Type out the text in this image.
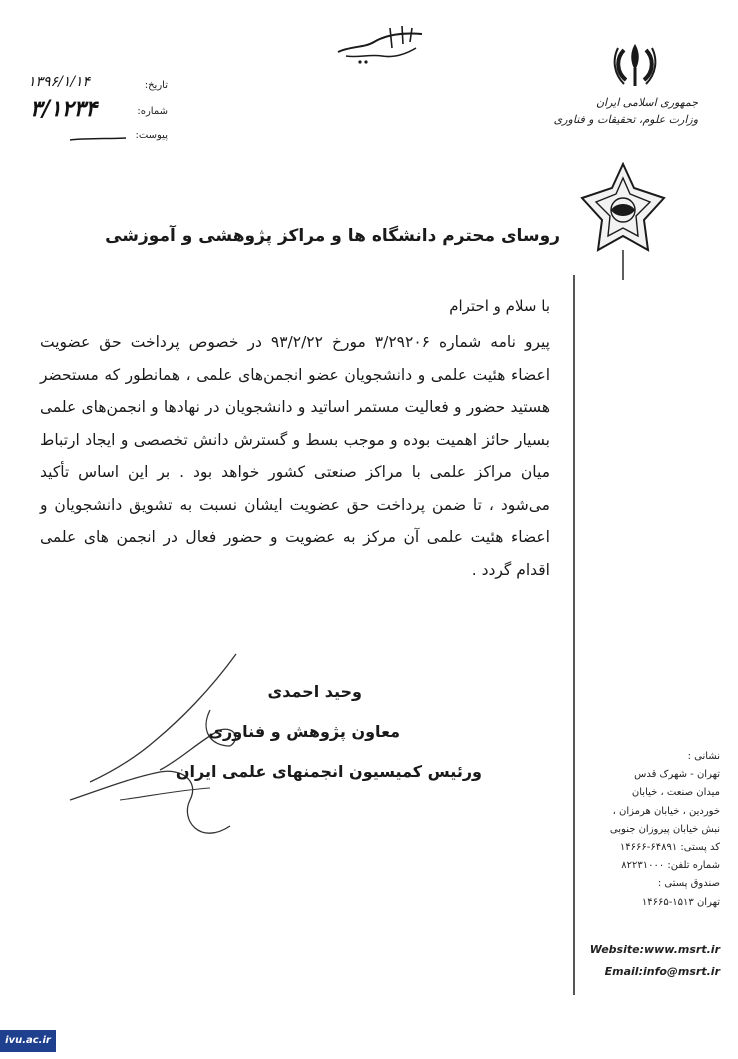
جمهوری اسلامی ایران
وزارت علوم، تحقیقات و فناوری
تاریخ:
۱۳۹۶/۱/۱۴
شماره:
۳/۱۲۳۴
پیوست:
روسای محترم دانشگاه ها و مراکز پژوهشی و آموزشی
با سلام و احترام
پیرو نامه شماره ۳/۲۹۲۰۶ مورخ ۹۳/۲/۲۲ در خصوص پرداخت حق عضویت اعضاء هئیت علمی و دانشجویان عضو انجمن‌های علمی ، همانطور که مستحضر هستید حضور و فعالیت مستمر اساتید و دانشجویان در نهادها و انجمن‌های علمی بسیار حائز اهمیت بوده و موجب بسط و گسترش دانش تخصصی و ایجاد ارتباط میان مراکز علمی با مراکز صنعتی کشور خواهد بود . بر این اساس تأکید می‌شود ، تا ضمن پرداخت حق عضویت ایشان نسبت به تشویق دانشجویان و اعضاء هئیت علمی آن مرکز به عضویت و حضور فعال در انجمن های علمی اقدام گردد .
وحید احمدی
معاون پژوهش و فناوری
ورئیس کمیسیون انجمنهای علمی ایران
نشانی :
تهران - شهرک قدس
میدان صنعت ، خیابان
خوردین ، خیابان هرمزان ،
نبش خیابان پیروزان جنوبی
کد پستی: ۶۴۸۹۱-۱۴۶۶۶
شماره تلفن: ۸۲۲۳۱۰۰۰
صندوق پستی :
تهران ۱۵۱۳-۱۴۶۶۵
Website:www.msrt.ir
Email:info@msrt.ir
ivu.ac.ir
